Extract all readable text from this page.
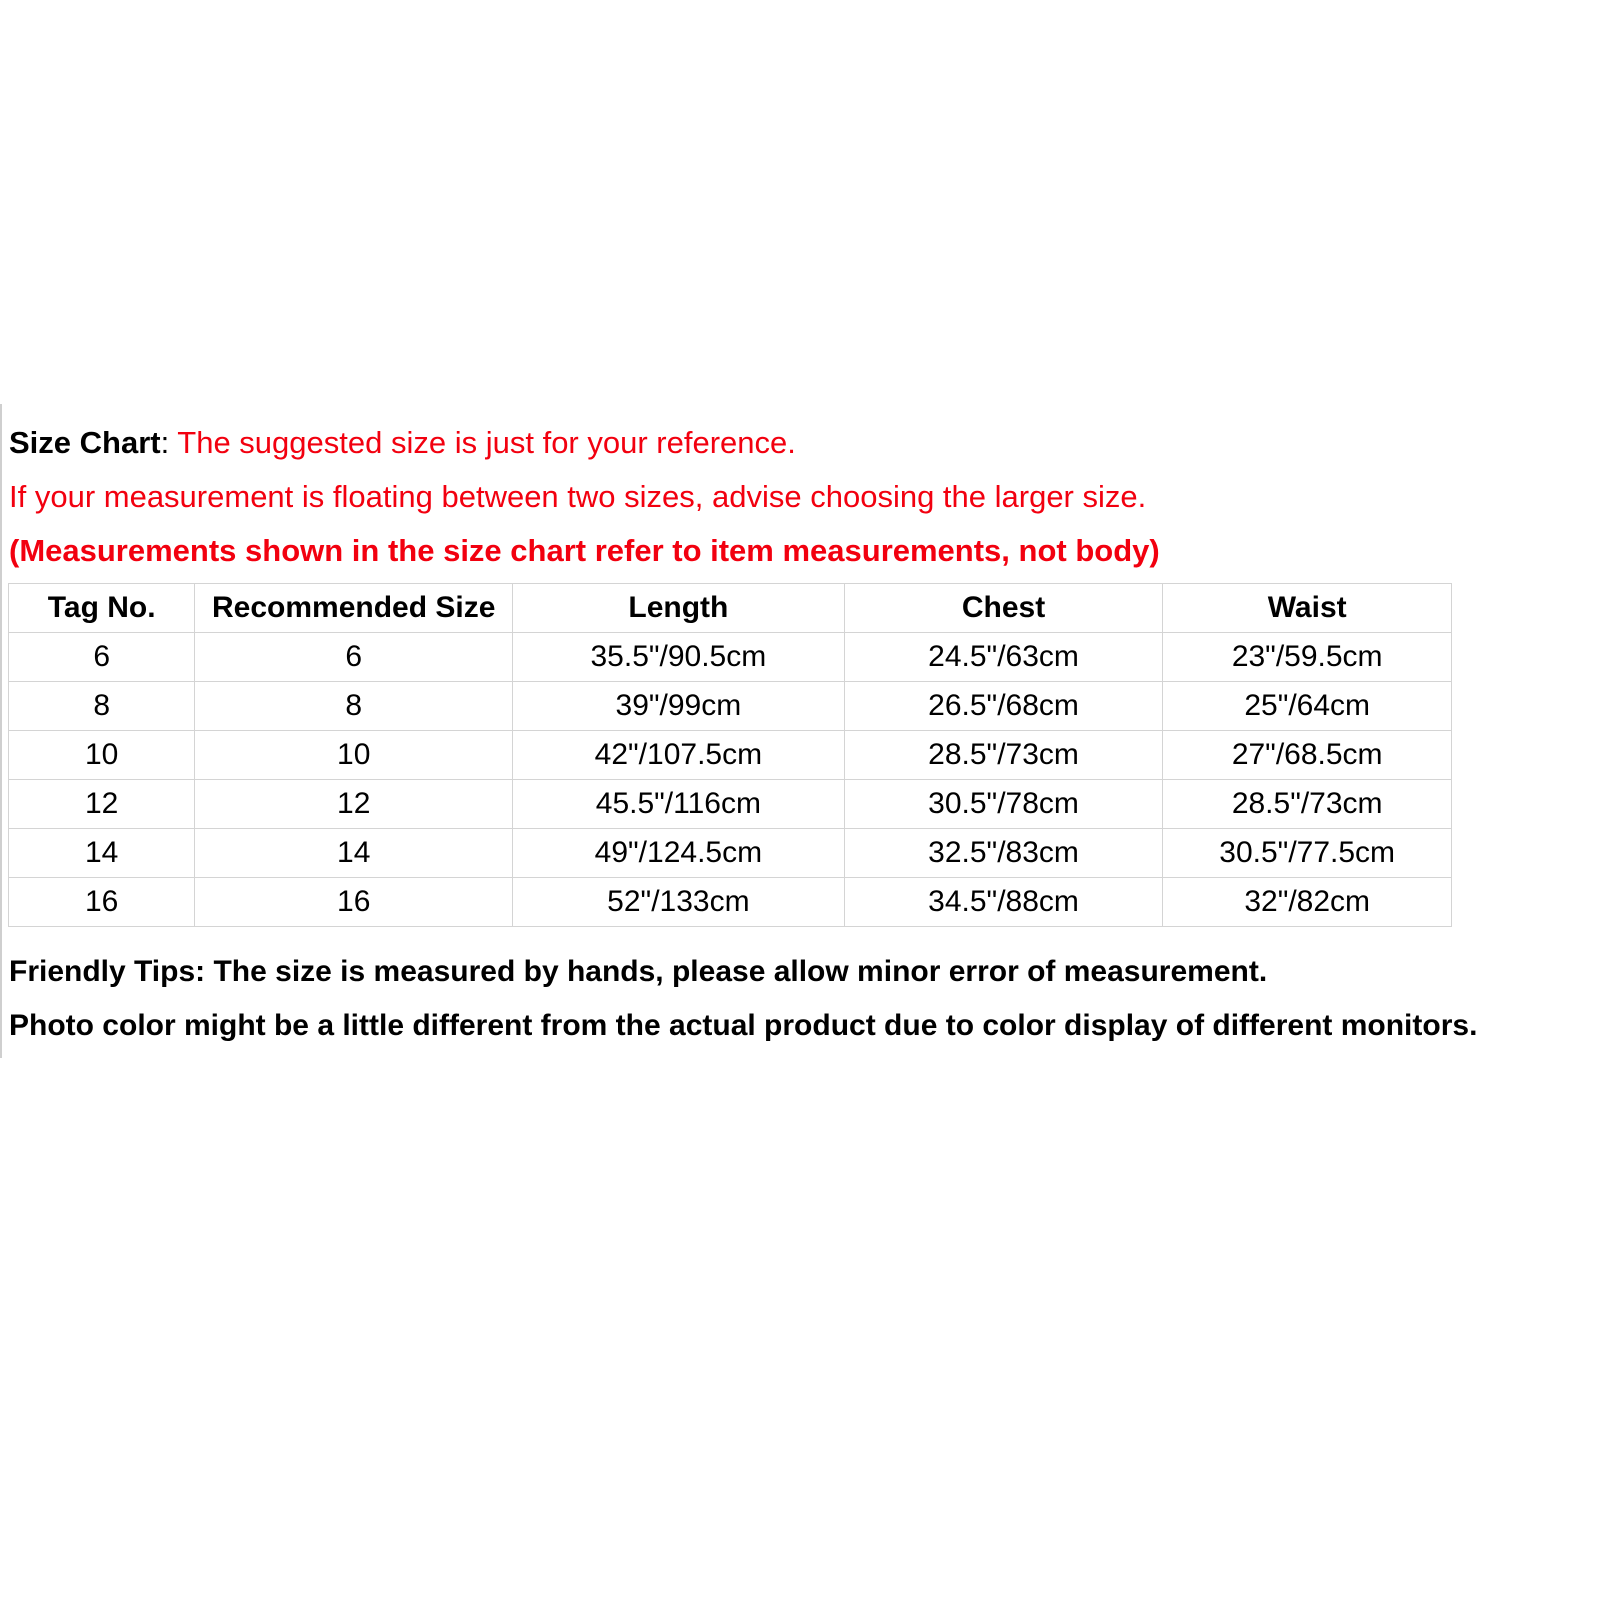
Size Chart: The suggested size is just for your reference.
If your measurement is floating between two sizes, advise choosing the larger size.
(Measurements shown in the size chart refer to item measurements, not body)
Tag No.	Recommended Size	Length	Chest	Waist
6	6	35.5"/90.5cm	24.5"/63cm	23"/59.5cm
8	8	39"/99cm	26.5"/68cm	25"/64cm
10	10	42"/107.5cm	28.5"/73cm	27"/68.5cm
12	12	45.5"/116cm	30.5"/78cm	28.5"/73cm
14	14	49"/124.5cm	32.5"/83cm	30.5"/77.5cm
16	16	52"/133cm	34.5"/88cm	32"/82cm
Friendly Tips: The size is measured by hands, please allow minor error of measurement.
Photo color might be a little different from the actual product due to color display of different monitors.
